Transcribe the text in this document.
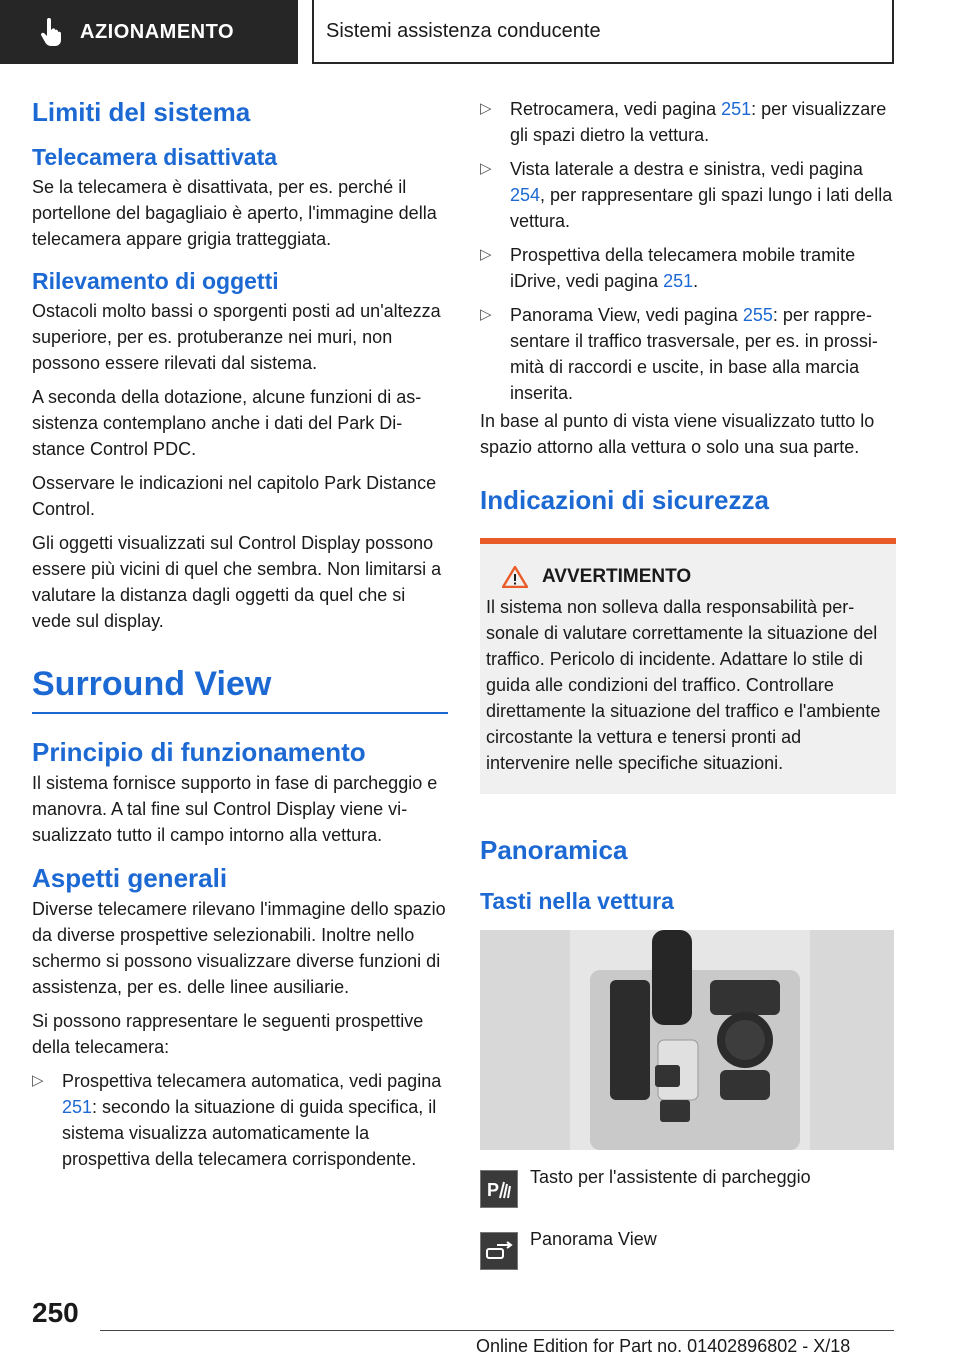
AZIONAMENTO	Sistemi assistenza conducente
Limiti del sistema
Telecamera disattivata

Se la telecamera è disattivata, per es. perché il portellone del bagagliaio è aperto, l'immagine della telecamera appare grigia tratteggiata.

Rilevamento di oggetti

Ostacoli molto bassi o sporgenti posti ad un'altezza superiore, per es. protuberanze nei muri, non possono essere rilevati dal sistema.

A seconda della dotazione, alcune funzioni di assistenza contemplano anche i dati del Park Distance Control PDC.

Osservare le indicazioni nel capitolo Park Distance Control.

Gli oggetti visualizzati sul Control Display possono essere più vicini di quel che sembra. Non limitarsi a valutare la distanza dagli oggetti da quel che si vede sul display.

Surround View
Principio di funzionamento

Il sistema fornisce supporto in fase di parcheggio e manovra. A tal fine sul Control Display viene visualizzato tutto il campo intorno alla vettura.

Aspetti generali

Diverse telecamere rilevano l'immagine dello spazio da diverse prospettive selezionabili. Inoltre nello schermo si possono visualizzare diverse funzioni di assistenza, per es. delle linee ausiliarie.

Si possono rappresentare le seguenti prospettive della telecamera:

▷ Prospettiva telecamera automatica, vedi pagina 251: secondo la situazione di guida specifica, il sistema visualizza automaticamente la prospettiva della telecamera corrispondente.
▷ Retrocamera, vedi pagina 251: per visualizzare gli spazi dietro la vettura.
▷ Vista laterale a destra e sinistra, vedi pagina 254, per rappresentare gli spazi lungo i lati della vettura.
▷ Prospettiva della telecamera mobile tramite iDrive, vedi pagina 251.
▷ Panorama View, vedi pagina 255: per rappresentare il traffico trasversale, per es. in prossimità di raccordi e uscite, in base alla marcia inserita.

In base al punto di vista viene visualizzato tutto lo spazio attorno alla vettura o solo una sua parte.

Indicazioni di sicurezza
AVVERTIMENTO

Il sistema non solleva dalla responsabilità personale di valutare correttamente la situazione del traffico. Pericolo di incidente. Adattare lo stile di guida alle condizioni del traffico. Controllare direttamente la situazione del traffico e l'ambiente circostante la vettura e tenersi pronti ad intervenire nelle specifiche situazioni.

Panoramica
Tasti nella vettura
P
Tasto per l'assistente di parcheggio
Panorama View
250
Online Edition for Part no. 01402896802 - X/18
